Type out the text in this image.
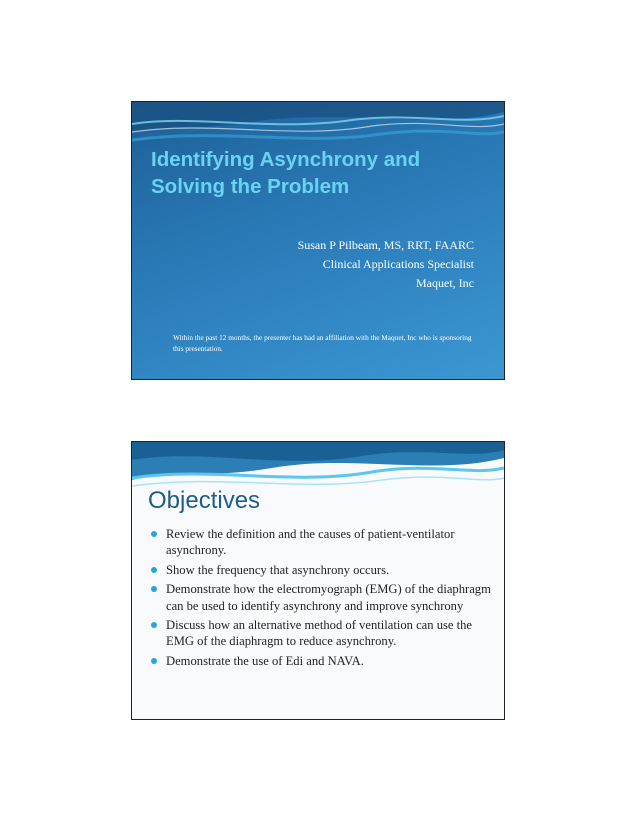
Identifying Asynchrony and Solving the Problem
Susan P Pilbeam, MS, RRT, FAARC
Clinical Applications Specialist
Maquet, Inc

Within the past 12 months, the presenter has had an affiliation with the Maquet, Inc who is sponsoring this presentation.

Objectives
Review the definition and the causes of patient-ventilator asynchrony.
Show the frequency that asynchrony occurs.
Demonstrate how the electromyograph (EMG) of the diaphragm can be used to identify asynchrony and improve synchrony
Discuss how an alternative method of ventilation can use the EMG of the diaphragm to reduce asynchrony.
Demonstrate the use of Edi and NAVA.
